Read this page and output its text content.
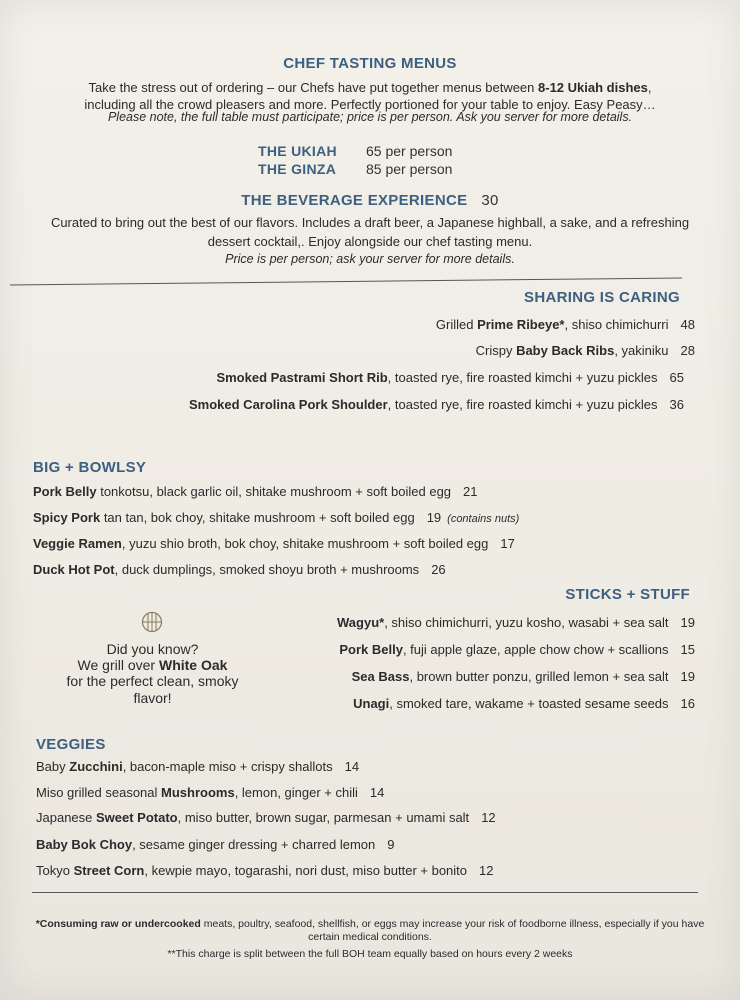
CHEF TASTING MENUS
Take the stress out of ordering – our Chefs have put together menus between 8-12 Ukiah dishes,
including all the crowd pleasers and more. Perfectly portioned for your table to enjoy. Easy Peasy…
Please note, the full table must participate; price is per person. Ask you server for more details.
THE UKIAH 65 per person
THE GINZA 85 per person
THE BEVERAGE EXPERIENCE 30
Curated to bring out the best of our flavors. Includes a draft beer, a Japanese highball, a sake, and a refreshing
dessert cocktail,. Enjoy alongside our chef tasting menu.
Price is per person; ask your server for more details.
SHARING IS CARING
Grilled Prime Ribeye*, shiso chimichurri 48
Crispy Baby Back Ribs, yakiniku 28
Smoked Pastrami Short Rib, toasted rye, fire roasted kimchi + yuzu pickles 65
Smoked Carolina Pork Shoulder, toasted rye, fire roasted kimchi + yuzu pickles 36
BIG + BOWLSY
Pork Belly tonkotsu, black garlic oil, shitake mushroom + soft boiled egg 21
Spicy Pork tan tan, bok choy, shitake mushroom + soft boiled egg 19 (contains nuts)
Veggie Ramen, yuzu shio broth, bok choy, shitake mushroom + soft boiled egg 17
Duck Hot Pot, duck dumplings, smoked shoyu broth + mushrooms 26
STICKS + STUFF
Wagyu*, shiso chimichurri, yuzu kosho, wasabi + sea salt 19
Pork Belly, fuji apple glaze, apple chow chow + scallions 15
Sea Bass, brown butter ponzu, grilled lemon + sea salt 19
Unagi, smoked tare, wakame + toasted sesame seeds 16
Did you know?
We grill over White Oak
for the perfect clean, smoky
flavor!
VEGGIES
Baby Zucchini, bacon-maple miso + crispy shallots 14
Miso grilled seasonal Mushrooms, lemon, ginger + chili 14
Japanese Sweet Potato, miso butter, brown sugar, parmesan + umami salt 12
Baby Bok Choy, sesame ginger dressing + charred lemon 9
Tokyo Street Corn, kewpie mayo, togarashi, nori dust, miso butter + bonito 12
*Consuming raw or undercooked meats, poultry, seafood, shellfish, or eggs may increase your risk of foodborne illness, especially if you have
certain medical conditions.
**This charge is split between the full BOH team equally based on hours every 2 weeks
